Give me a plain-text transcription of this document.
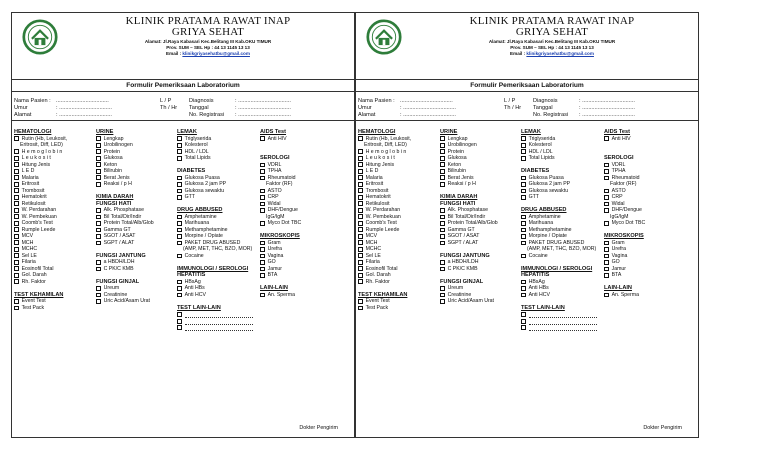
KLINIK PRATAMA RAWAT INAP
GRIYA SEHAT
Alamat: Jl.Raya Kabasari Kec.Belitang III Kab.OKU TIMUR
Prov. SUM – SEL Hp : 44 13 1145 13 13
Email : klinikgriyasehatbu@gmail.com
Formulir Pemeriksaan Laboratorium
Nama Pasien : ..................................
Umur	: ..................................
Alamat	: ..................................
L / P
Th / Hr
Diagnosis	: ..................................
Tanggal	: ..................................
No. Registrasi : ..................................
HEMATOLOGI
Rutin (Hb, Leukosit,
Eritrosit, Diff, LED)
H e m o g l o b i n
L e u k o s i t
Hitung Jenis
L E D
Malaria
Eritrosit
Trombosit
Hematokrit
Retikulosit
W. Perdarahan
W. Pembekuan
Coomb's Test
Rumple Leede
MCV
MCH
MCHC
Sel LE
Filaria
Eosinofil Total
Gol. Darah
Rh. Faktor
TEST KEHAMILAN
Event Test
Test Pack
URINE
Lengkap
Urobilinogen
Protein
Glukosa
Keton
Bilirubin
Berat Jenis
Reaksi / p H
KIMIA DARAH
FUNGSI HATI
Alk. Phosphatase
Bil Total/Dir/Indir
Protein Total/Alb/Glob
Gamma GT
SGOT / ASAT
SGPT / ALAT
FUNGSI JANTUNG
a HBDH/LDH
C PK/C KMB
FUNGSI GINJAL
Ureum
Creatinine
Uric Acid/Asam Urat
LEMAK
Triglyserida
Kolesterol
HDL / LDL
Total Lipids
DIABETES
Glukosa Puasa
Glukosa 2 jam PP
Glukosa sewaktu
GTT
DRUG ABBUSED
Amphetamine
Marihuana
Methamphetamine
Morpine / Opiate
PAKET DRUG ABUSED
(AMP, MET, THC, BZO, MOR)
Cocaine
IMMUNOLOGI / SEROLOGI
HEPATITIS
HBsAg
Anti HBs
Anti HCV
TEST LAIN-LAIN
AIDS Test
Anti HIV
SEROLOGI
VDRL
TPHA
Rheumatoid
Faktor (RF)
ASTO
CRP
Widal
DHF/Dengue
IgG/IgM
Myco Dot TBC
MIKROSKOPIS
Gram
Urefra
Vagina
GO
Jamur
BTA
LAIN-LAIN
An. Sperma
Dokter Pengirim
KLINIK PRATAMA RAWAT INAP
GRIYA SEHAT
Alamat: Jl.Raya Kabasari Kec.Belitang III Kab.OKU TIMUR
Prov. SUM – SEL Hp : 44 13 1145 13 13
Email : klinikgriyasehatbu@gmail.com
Formulir Pemeriksaan Laboratorium
Nama Pasien : ..................................
Umur	: ..................................
Alamat	: ..................................
L / P
Th / Hr
Diagnosis	: ..................................
Tanggal	: ..................................
No. Registrasi : ..................................
HEMATOLOGI
Rutin (Hb, Leukosit,
Eritrosit, Diff, LED)
H e m o g l o b i n
L e u k o s i t
Hitung Jenis
L E D
Malaria
Eritrosit
Trombosit
Hematokrit
Retikulosit
W. Perdarahan
W. Pembekuan
Coomb's Test
Rumple Leede
MCV
MCH
MCHC
Sel LE
Filaria
Eosinofil Total
Gol. Darah
Rh. Faktor
TEST KEHAMILAN
Event Test
Test Pack
URINE
Lengkap
Urobilinogen
Protein
Glukosa
Keton
Bilirubin
Berat Jenis
Reaksi / p H
KIMIA DARAH
FUNGSI HATI
Alk. Phosphatase
Bil Total/Dir/Indir
Protein Total/Alb/Glob
Gamma GT
SGOT / ASAT
SGPT / ALAT
FUNGSI JANTUNG
a HBDH/LDH
C PK/C KMB
FUNGSI GINJAL
Ureum
Creatinine
Uric Acid/Asam Urat
LEMAK
Triglyserida
Kolesterol
HDL / LDL
Total Lipids
DIABETES
Glukosa Puasa
Glukosa 2 jam PP
Glukosa sewaktu
GTT
DRUG ABBUSED
Amphetamine
Marihuana
Methamphetamine
Morpine / Opiate
PAKET DRUG ABUSED
(AMP, MET, THC, BZO, MOR)
Cocaine
IMMUNOLOGI / SEROLOGI
HEPATITIS
HBsAg
Anti HBs
Anti HCV
TEST LAIN-LAIN
AIDS Test
Anti HIV
SEROLOGI
VDRL
TPHA
Rheumatoid
Faktor (RF)
ASTO
CRP
Widal
DHF/Dengue
IgG/IgM
Myco Dot TBC
MIKROSKOPIS
Gram
Urefra
Vagina
GO
Jamur
BTA
LAIN-LAIN
An. Sperma
Dokter Pengirim
